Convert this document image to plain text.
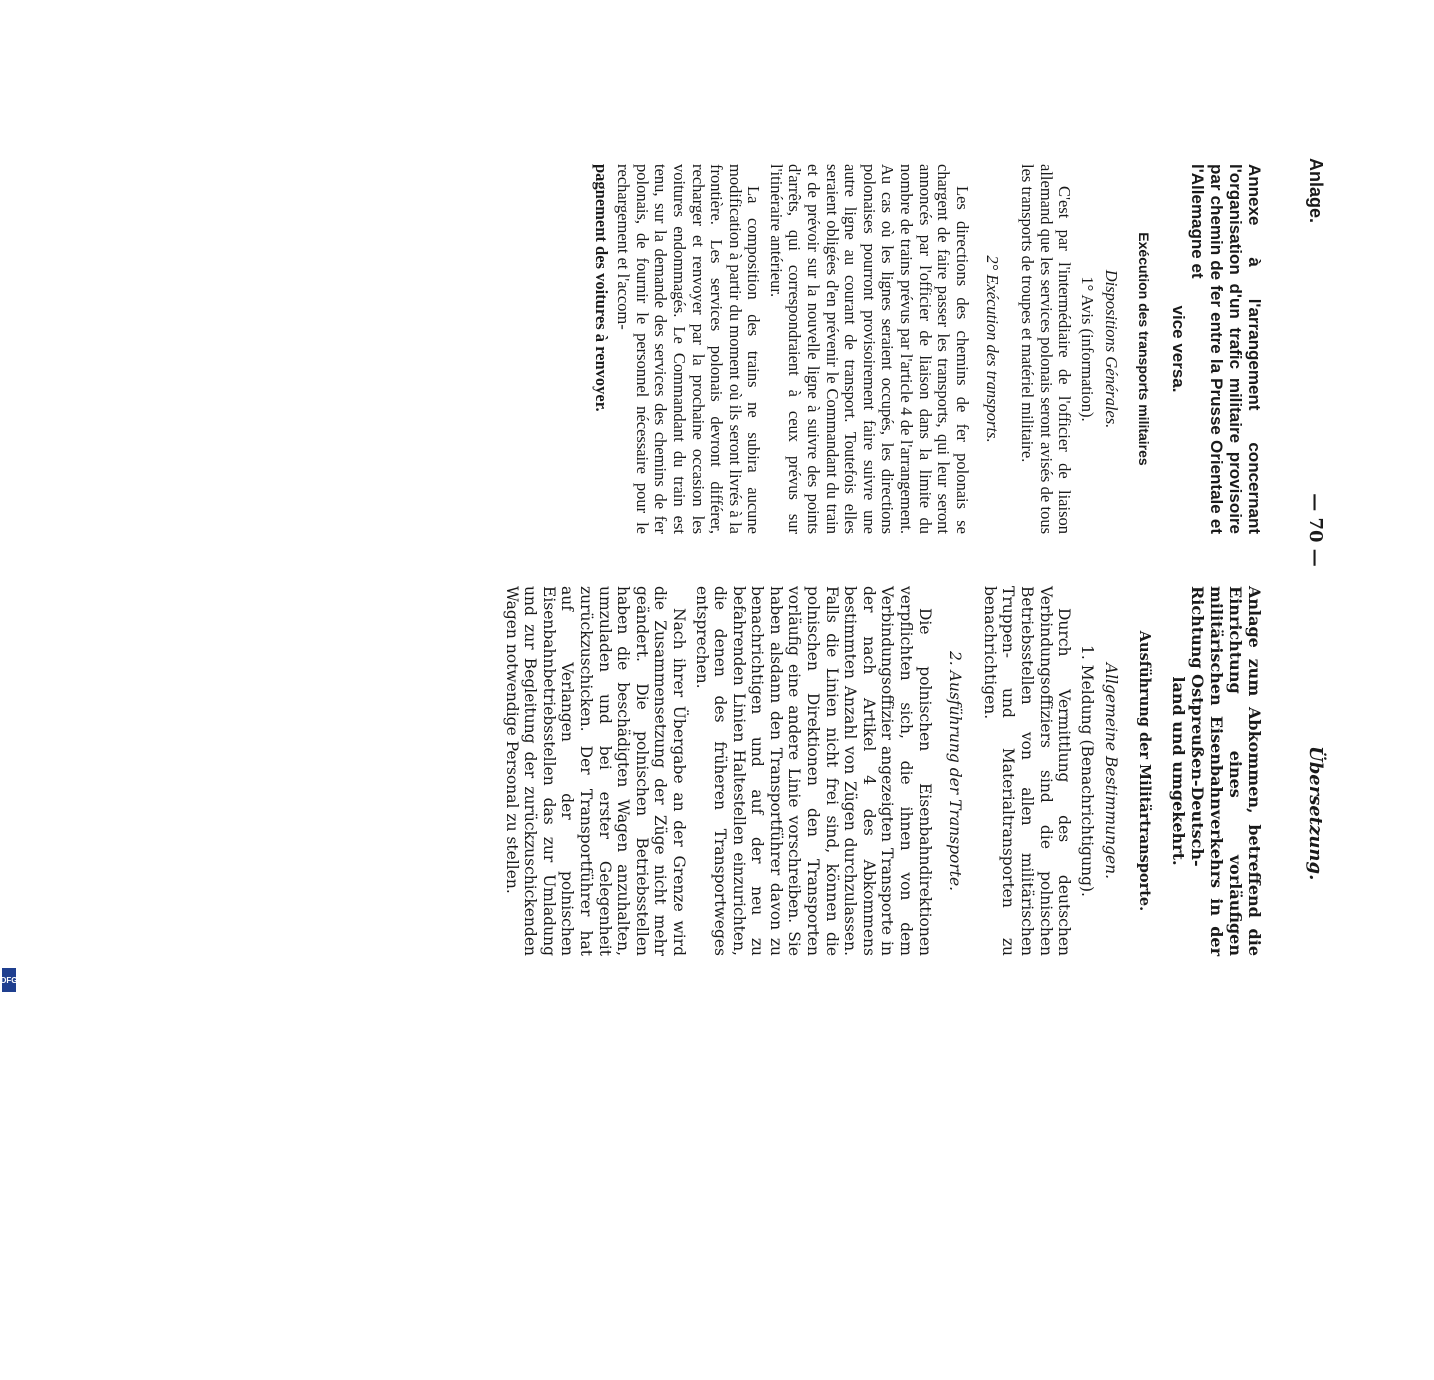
Anlage.
— 70 —
Übersetzung.
Annexe à l'arrangement concernant l'organisation d'un trafic militaire provisoire par chemin de fer entre la Prusse Orientale et l'Allemagne et
vice versa.
Exécution des transports militaires
Dispositions Générales.
1° Avis (information).

C'est par l'intermédiaire de l'officier de liaison allemand que les services polonais seront avisés de tous les transports de troupes et matériel militaire.

2° Exécution des transports.

Les directions des chemins de fer polonais se chargent de faire passer les transports, qui leur seront annoncés par l'officier de liaison dans la limite du nombre de trains prévus par l'article 4 de l'arrangement. Au cas où les lignes seraient occupés, les directions polonaises pourront provisoirement faire suivre une autre ligne au courant de transport. Toutefois elles seraient obligées d'en prévenir le Commandant du train et de prévoir sur la nouvelle ligne à suivre des points d'arrêts, qui correspondraient à ceux prévus sur l'itinéraire antérieur.

La composition des trains ne subira aucune modification à partir du moment où ils seront livrés à la frontière. Les services polonais devront différer, recharger et renvoyer par la prochaine occasion les voitures endommagés. Le Commandant du train est tenu, sur la demande des services des chemins de fer polonais, de fournir le personnel nécessaire pour le rechargement et l'accom-

pagnement des voitures à renvoyer.
Anlage zum Abkommen, betreffend die Einrichtung eines vorläufigen militärischen Eisenbahnverkehrs in der Richtung Ostpreußen-Deutsch-
land und umgekehrt.
Ausführung der Militärtransporte.
Allgemeine Bestimmungen.
1. Meldung (Benachrichtigung).

Durch Vermittlung des deutschen Verbindungsoffiziers sind die polnischen Betriebsstellen von allen militärischen Truppen- und Materialtransporten zu benachrichtigen.

2. Ausführung der Transporte.

Die polnischen Eisenbahndirektionen verpflichten sich, die ihnen von dem Verbindungsoffizier angezeigten Transporte in der nach Artikel 4 des Abkommens bestimmten Anzahl von Zügen durchzulassen. Falls die Linien nicht frei sind, können die polnischen Direktionen den Transporten vorläufig eine andere Linie vorschreiben. Sie haben alsdann den Transportführer davon zu benachrichtigen und auf der neu zu befahrenden Linien Haltestellen einzurichten, die denen des früheren Transportweges entsprechen.

Nach ihrer Übergabe an der Grenze wird die Zusammensetzung der Züge nicht mehr geändert. Die polnischen Betriebsstellen haben die beschädigten Wagen anzuhalten, umzuladen und bei erster Gelegenheit zurückzuschicken. Der Transportführer hat auf Verlangen der polnischen Eisenbahnbetriebsstellen das zur Umladung und zur Begleitung der zurückzuschickenden Wagen notwendige Personal zu stellen.

DFG
